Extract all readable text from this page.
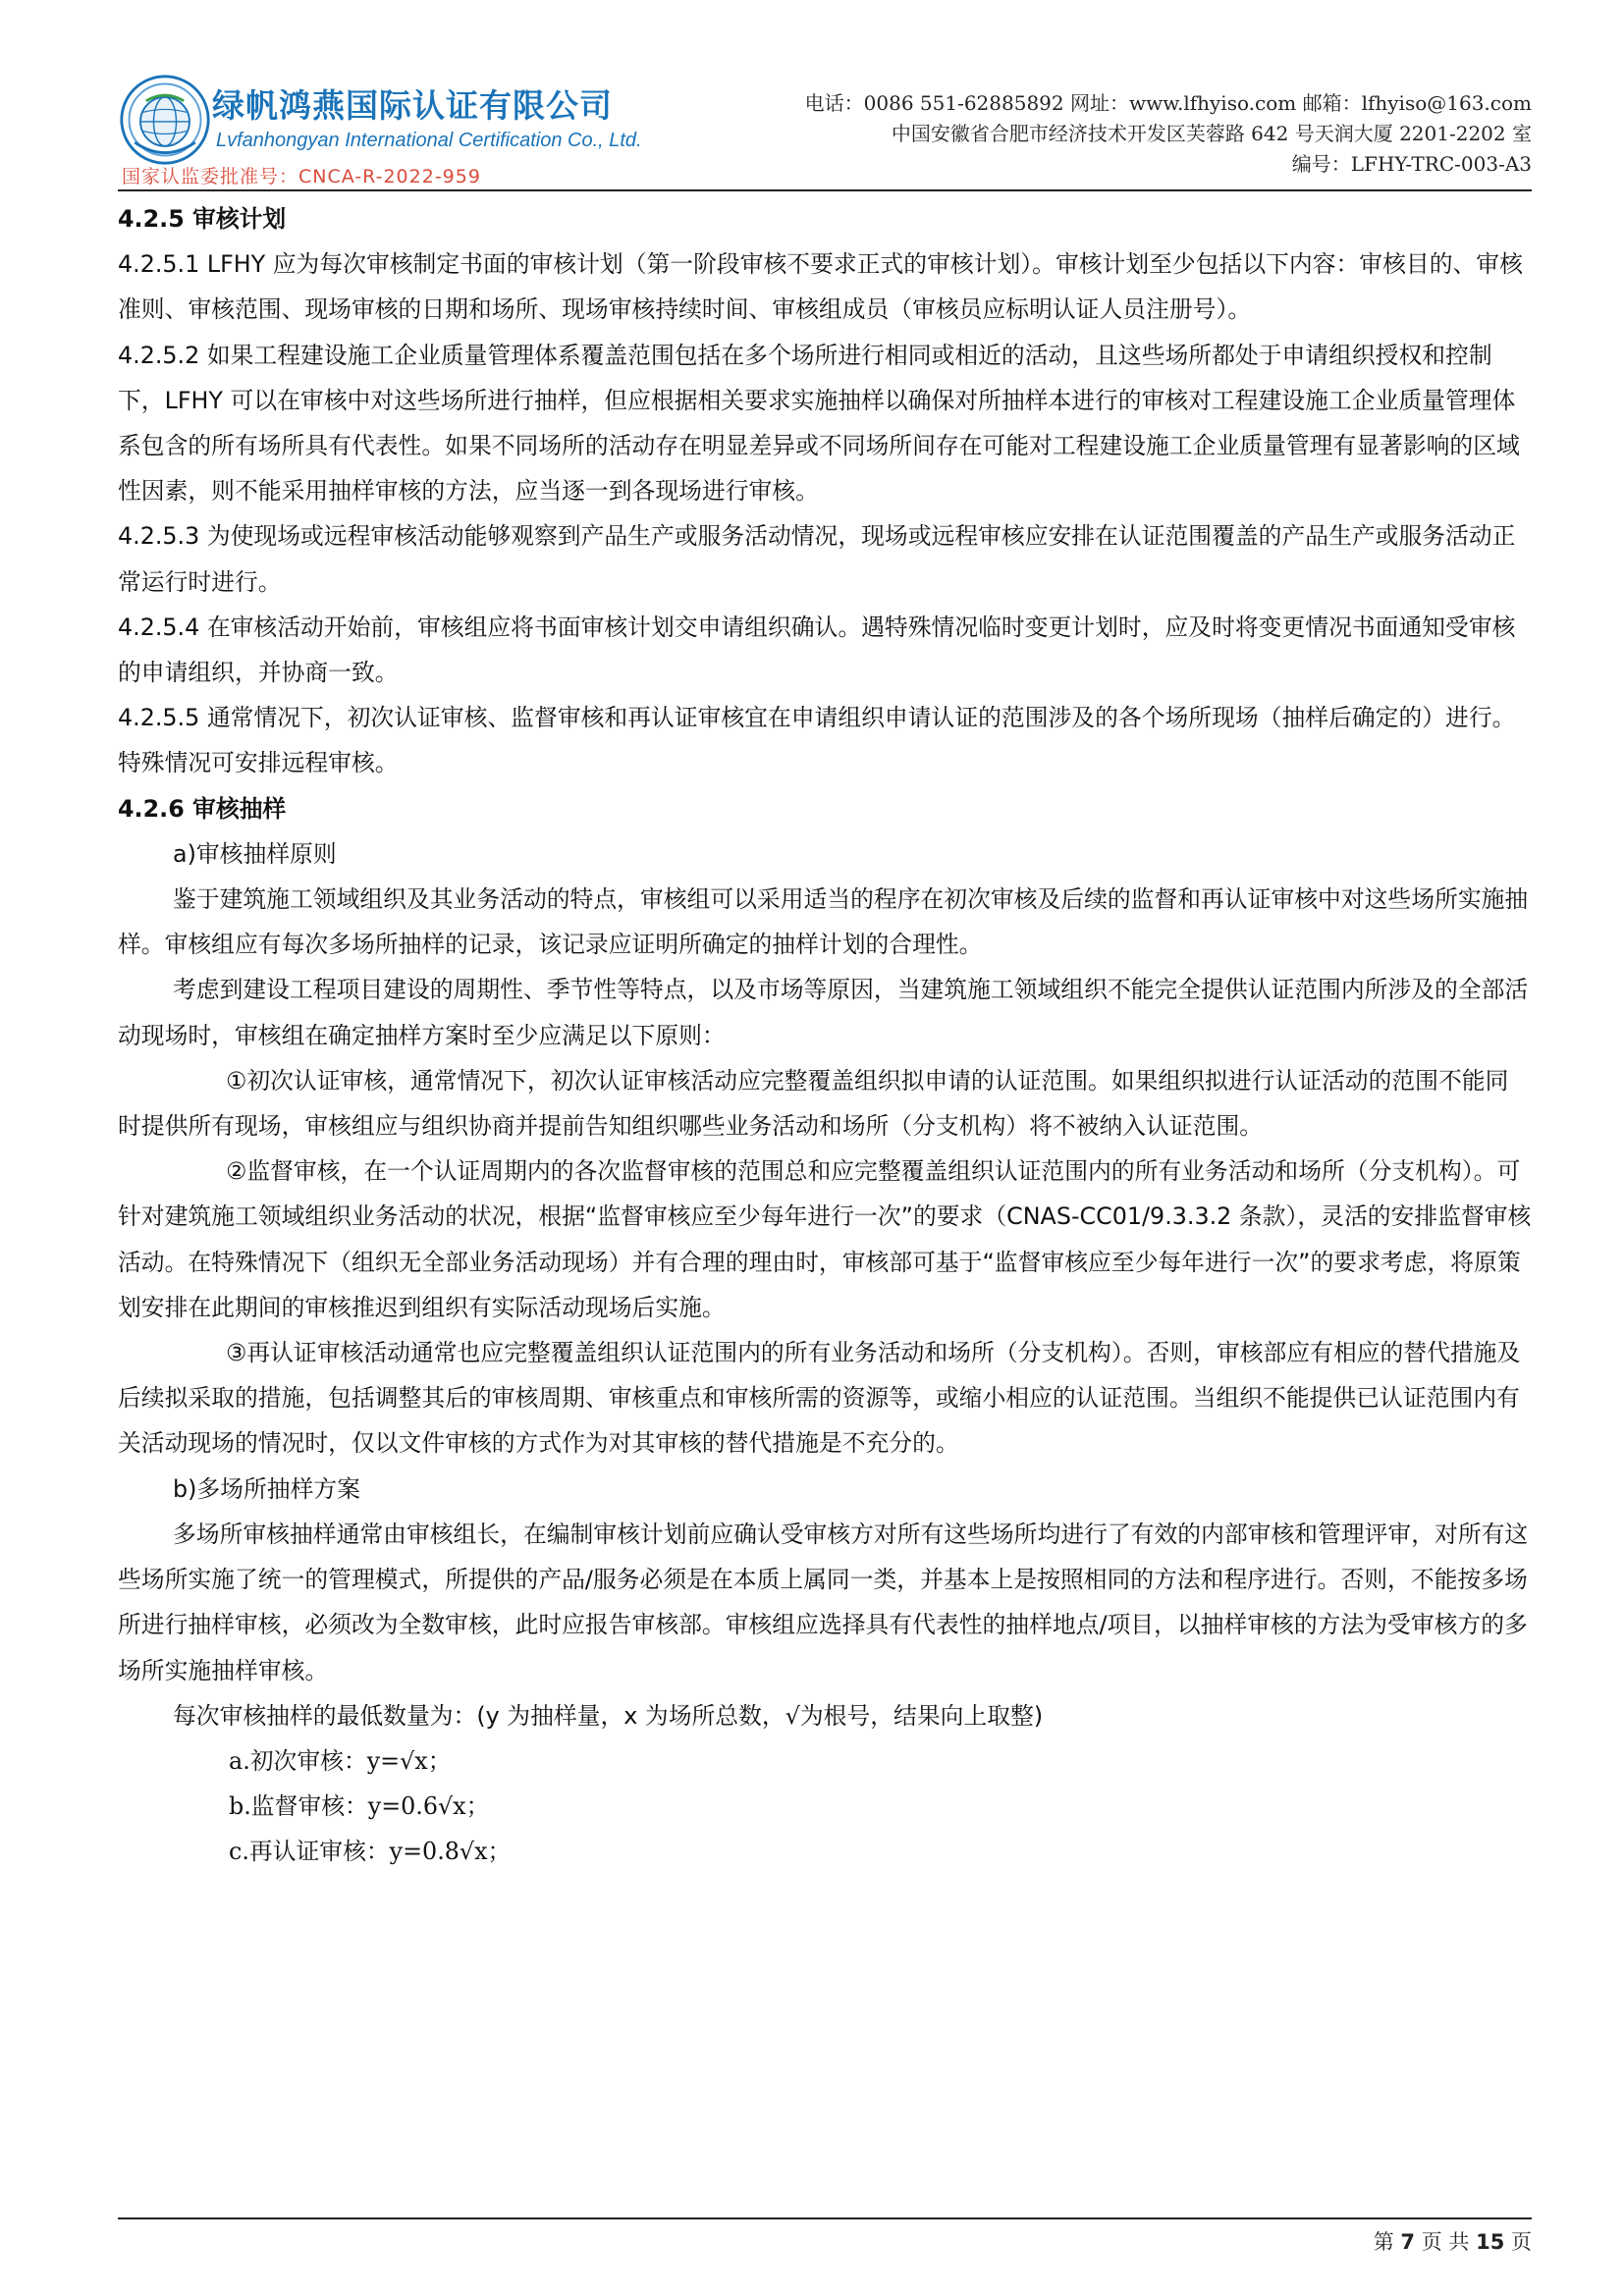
绿帆鸿燕国际认证有限公司
Lvfanhongyan International Certification Co., Ltd.
国家认监委批准号：CNCA-R-2022-959
电话：0086 551-62885892 网址：www.lfhyiso.com 邮箱：lfhyiso@163.com
中国安徽省合肥市经济技术开发区芙蓉路 642 号天润大厦 2201-2202 室
编号：LFHY-TRC-003-A3

4.2.5 审核计划

4.2.5.1 LFHY 应为每次审核制定书面的审核计划（第一阶段审核不要求正式的审核计划）。审核计划至少包括以下内容：审核目的、审核准则、审核范围、现场审核的日期和场所、现场审核持续时间、审核组成员（审核员应标明认证人员注册号）。

4.2.5.2 如果工程建设施工企业质量管理体系覆盖范围包括在多个场所进行相同或相近的活动，且这些场所都处于申请组织授权和控制下，LFHY 可以在审核中对这些场所进行抽样，但应根据相关要求实施抽样以确保对所抽样本进行的审核对工程建设施工企业质量管理体系包含的所有场所具有代表性。如果不同场所的活动存在明显差异或不同场所间存在可能对工程建设施工企业质量管理有显著影响的区域性因素，则不能采用抽样审核的方法，应当逐一到各现场进行审核。

4.2.5.3 为使现场或远程审核活动能够观察到产品生产或服务活动情况，现场或远程审核应安排在认证范围覆盖的产品生产或服务活动正常运行时进行。

4.2.5.4 在审核活动开始前，审核组应将书面审核计划交申请组织确认。遇特殊情况临时变更计划时，应及时将变更情况书面通知受审核的申请组织，并协商一致。

4.2.5.5 通常情况下，初次认证审核、监督审核和再认证审核宜在申请组织申请认证的范围涉及的各个场所现场（抽样后确定的）进行。特殊情况可安排远程审核。

4.2.6 审核抽样

a)审核抽样原则

鉴于建筑施工领域组织及其业务活动的特点，审核组可以采用适当的程序在初次审核及后续的监督和再认证审核中对这些场所实施抽样。审核组应有每次多场所抽样的记录，该记录应证明所确定的抽样计划的合理性。

考虑到建设工程项目建设的周期性、季节性等特点，以及市场等原因，当建筑施工领域组织不能完全提供认证范围内所涉及的全部活动现场时，审核组在确定抽样方案时至少应满足以下原则：

①初次认证审核，通常情况下，初次认证审核活动应完整覆盖组织拟申请的认证范围。如果组织拟进行认证活动的范围不能同时提供所有现场，审核组应与组织协商并提前告知组织哪些业务活动和场所（分支机构）将不被纳入认证范围。

②监督审核，在一个认证周期内的各次监督审核的范围总和应完整覆盖组织认证范围内的所有业务活动和场所（分支机构）。可针对建筑施工领域组织业务活动的状况，根据“监督审核应至少每年进行一次”的要求（CNAS-CC01/9.3.3.2 条款），灵活的安排监督审核活动。在特殊情况下（组织无全部业务活动现场）并有合理的理由时，审核部可基于“监督审核应至少每年进行一次”的要求考虑，将原策划安排在此期间的审核推迟到组织有实际活动现场后实施。

③再认证审核活动通常也应完整覆盖组织认证范围内的所有业务活动和场所（分支机构）。否则，审核部应有相应的替代措施及后续拟采取的措施，包括调整其后的审核周期、审核重点和审核所需的资源等，或缩小相应的认证范围。当组织不能提供已认证范围内有关活动现场的情况时，仅以文件审核的方式作为对其审核的替代措施是不充分的。

b)多场所抽样方案

多场所审核抽样通常由审核组长，在编制审核计划前应确认受审核方对所有这些场所均进行了有效的内部审核和管理评审，对所有这些场所实施了统一的管理模式，所提供的产品/服务必须是在本质上属同一类，并基本上是按照相同的方法和程序进行。否则，不能按多场所进行抽样审核，必须改为全数审核，此时应报告审核部。审核组应选择具有代表性的抽样地点/项目，以抽样审核的方法为受审核方的多场所实施抽样审核。

每次审核抽样的最低数量为：(y 为抽样量，x 为场所总数，√为根号，结果向上取整)

a.初次审核：y=√x；

b.监督审核：y=0.6√x；

c.再认证审核：y=0.8√x；

第 7 页 共 15 页
